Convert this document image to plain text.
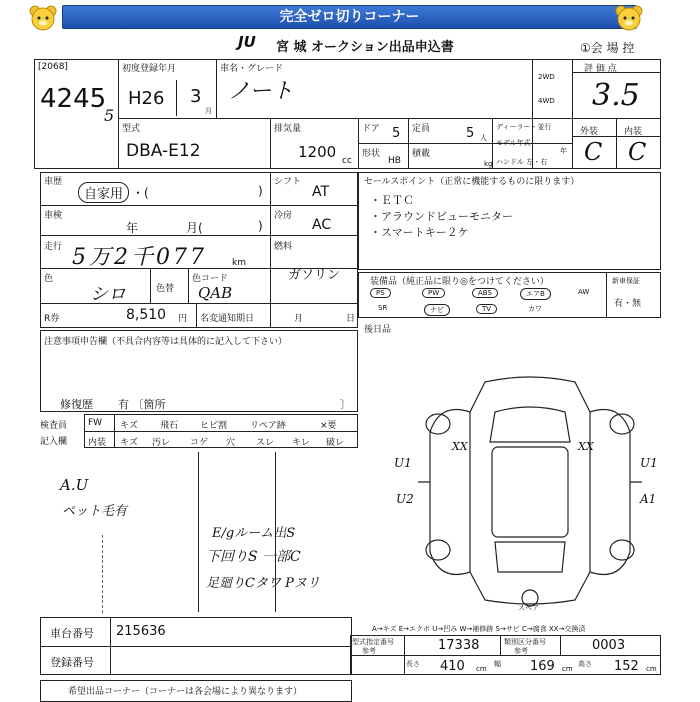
完全ゼロ切りコーナー
JU 宮 城 オークション出品申込書	①会 場 控
[2068]
4245
5
初度登録年月
H26 3
月
車名・グレード
ノート
2WD
4WD
評 価 点
3.5
外装	内装
C C
型式
DBA-E12
排気量
1200 cc
ドア 5 定員	5 人
形状
HB
積載
kg
ディーラー・並行
モデル年式
年
ハンドル 左・右
車歴
自家用 ・(	)
シフト
AT
車検
年	月(	)
冷房
AC
走行 5万2千077	km
燃料
ガソリン
色
シロ	色替
色コード
QAB
R券	8,510 円 名変通知期日	月	日
セールスポイント（正常に機能するものに限ります）
・ＥＴＣ
・アラウンドビューモニター
・スマートキー２ケ
装備品（純正品に限り◎をつけてください）	新車保証
有・無
PS	PW	ABS	エアB	AW
SR	ナビ	TV	カワ
後日品
注意事項申告欄（不具合内容等は具体的に記入して下さい）
修復歴 有 〔箇所	〕
検査員
記入欄
FW キズ 飛石 ヒビ割	リペア跡	×要
内装 キズ 汚レ コゲ 穴 スレ キレ 破レ
A.U
ペット毛有
E/gルーム出S
下回りS 一部C
足廻りCタワ Pヌリ
XX	XX
U1	U1
U2	A1
スペア
A→キズ E→エクボ U→凹み W→補修跡 S→サビ C→腐食 XX→交換済
車台番号 215636
登録番号
型式指定番号
参考	17338	類別区分番号
参考	0003
長さ 410 cm
幅 169 cm
高さ 152 cm
希望出品コーナー（コーナーは各会場により異なります）
